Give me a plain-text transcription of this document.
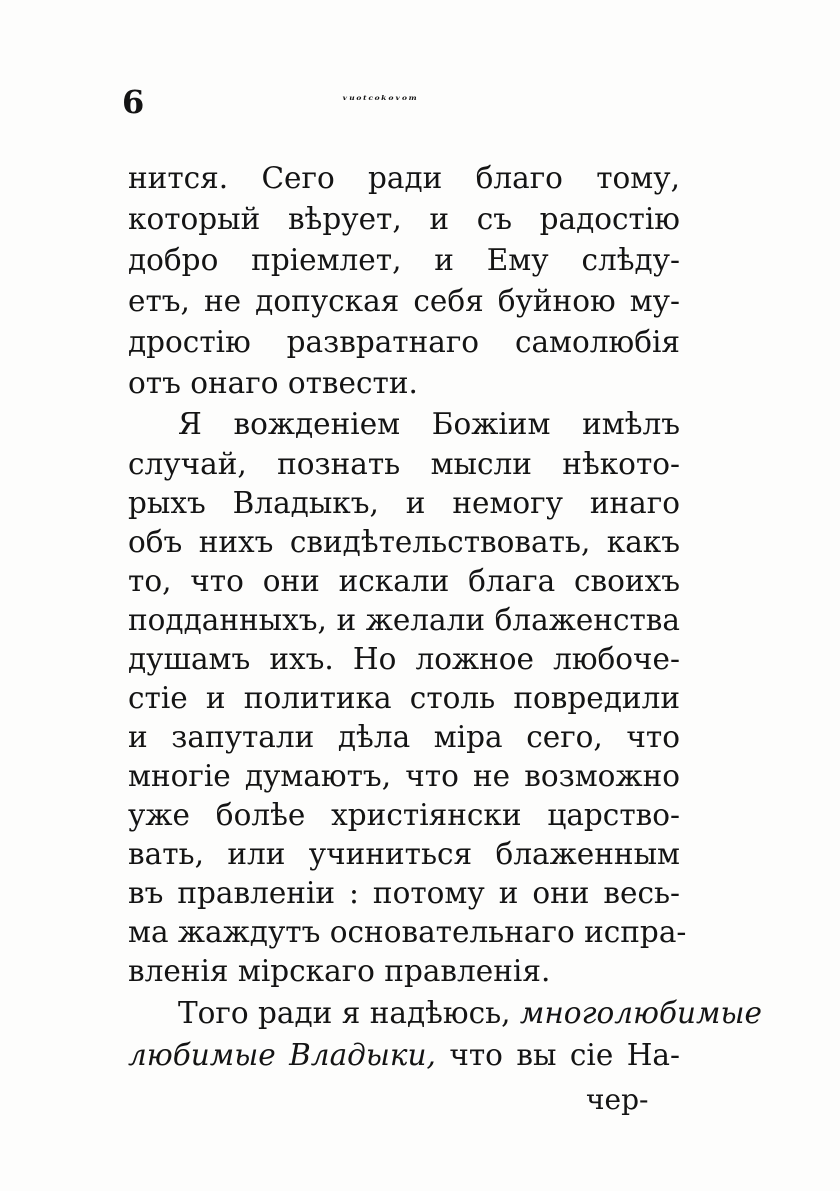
6	ᵛᵘᵒᵗᶜᵒᵏᵒᵛᵒᵐ
нится. Сего ради благо тому,
который вѣрует, и съ радостію
добро пріемлет, и Ему слѣду-
етъ, не допуская себя буйною му-
дростію развратнаго самолюбія
отъ онаго отвести.
Я вожденіем Божіим имѣлъ
случай, познать мысли нѣкото-
рыхъ Владыкъ, и немогу инаго
объ нихъ свидѣтельствовать, какъ
то, что они искали блага своихъ
подданныхъ, и желали блаженства
душамъ ихъ. Но ложное любоче-
стіе и политика столь повредили
и запутали дѣла міра сего, что
многіе думаютъ, что не возможно
уже болѣе христіянски царство-
вать, или учиниться блаженным
въ правленіи : потому и они весь-
ма жаждутъ основательнаго испра-
вленія мірскаго правленія.
Того ради я надѣюсь, многолюбимые
любимые Владыки, что вы сіе На-
чер-
